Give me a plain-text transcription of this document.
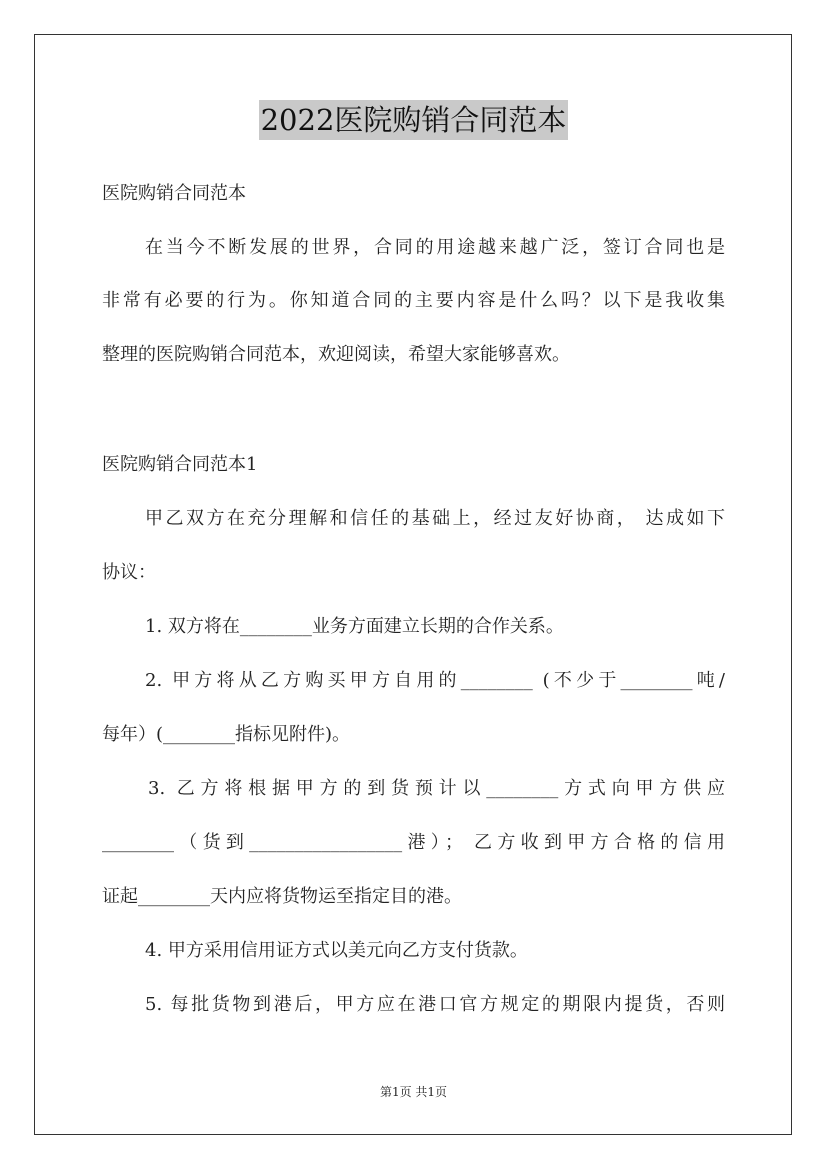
2022医院购销合同范本
医院购销合同范本
在当今不断发展的世界，合同的用途越来越广泛，签订合同也是
非常有必要的行为。你知道合同的主要内容是什么吗？以下是我收集
整理的医院购销合同范本，欢迎阅读，希望大家能够喜欢。
医院购销合同范本1
甲乙双方在充分理解和信任的基础上，经过友好协商， 达成如下
协议：
1. 双方将在________业务方面建立长期的合作关系。
2. 甲方将从乙方购买甲方自用的________ (不少于________吨/
每年）(________指标见附件)。
3. 乙方将根据甲方的到货预计以________方式向甲方供应
________（货到_________________港）； 乙方收到甲方合格的信用
证起________天内应将货物运至指定目的港。
4. 甲方采用信用证方式以美元向乙方支付货款。
5. 每批货物到港后，甲方应在港口官方规定的期限内提货，否则
第1页 共1页
